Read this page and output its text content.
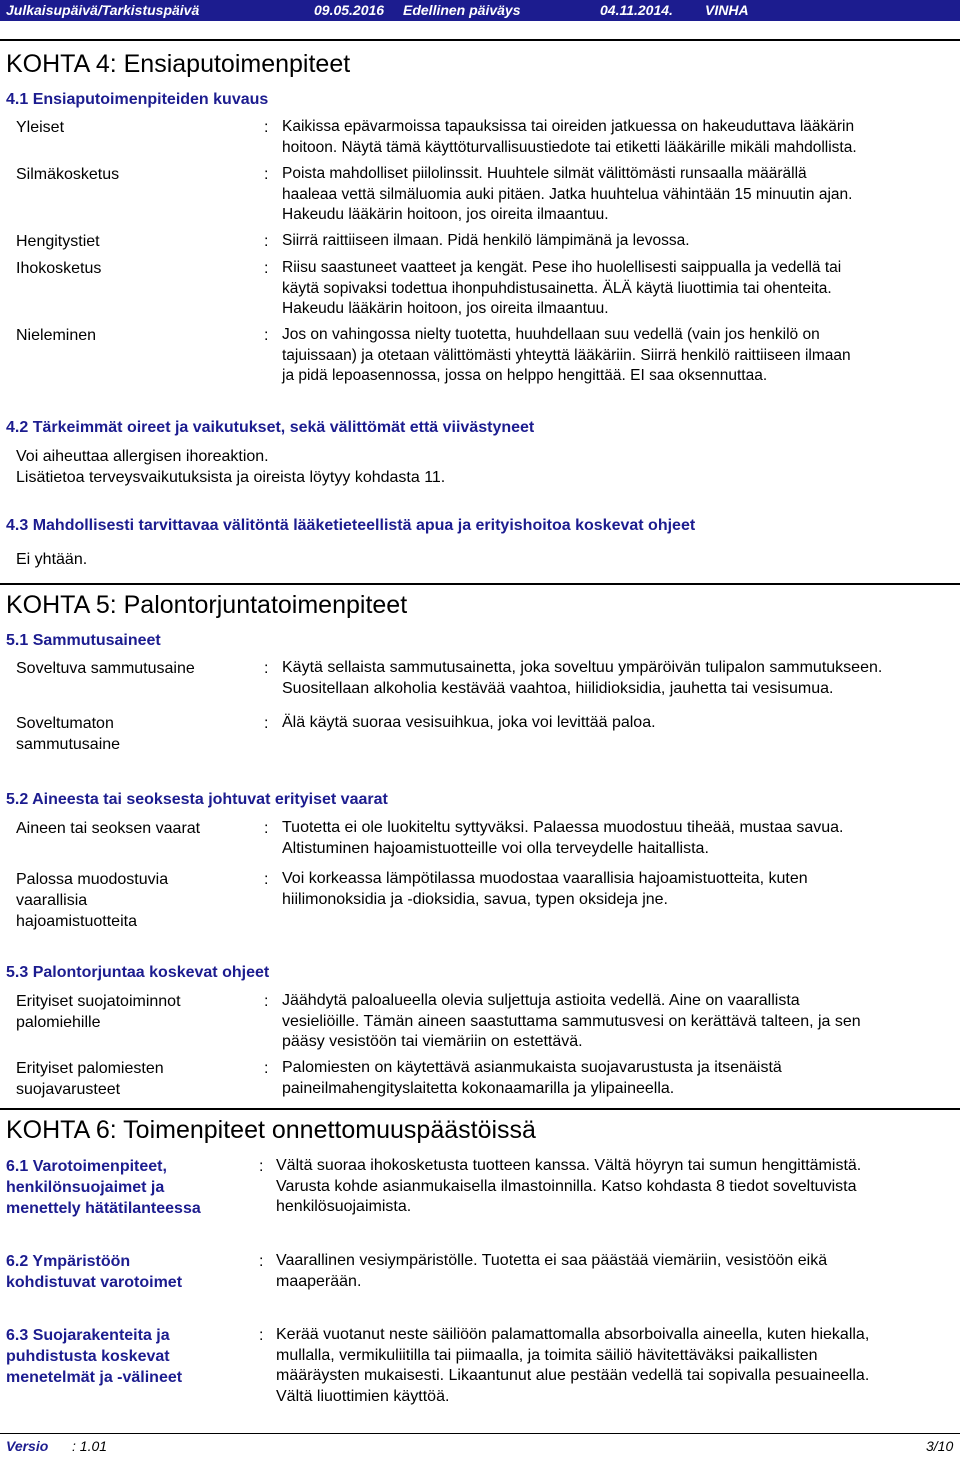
Julkaisupäivä/Tarkistuspäivä	09.05.2016 Edellinen päiväys	04.11.2014. VINHA
KOHTA 4: Ensiaputoimenpiteet
4.1 Ensiaputoimenpiteiden kuvaus
Yleiset	: Kaikissa epävarmoissa tapauksissa tai oireiden jatkuessa on hakeuduttava lääkärin
hoitoon. Näytä tämä käyttöturvallisuustiedote tai etiketti lääkärille mikäli mahdollista.
Silmäkosketus	: Poista mahdolliset piilolinssit. Huuhtele silmät välittömästi runsaalla määrällä
haaleaa vettä silmäluomia auki pitäen. Jatka huuhtelua vähintään 15 minuutin ajan.
Hakeudu lääkärin hoitoon, jos oireita ilmaantuu.
Hengitystiet	: Siirrä raittiiseen ilmaan. Pidä henkilö lämpimänä ja levossa.
Ihokosketus	: Riisu saastuneet vaatteet ja kengät. Pese iho huolellisesti saippualla ja vedellä tai
käytä sopivaksi todettua ihonpuhdistusainetta. ÄLÄ käytä liuottimia tai ohenteita.
Hakeudu lääkärin hoitoon, jos oireita ilmaantuu.
Nieleminen	: Jos on vahingossa nielty tuotetta, huuhdellaan suu vedellä (vain jos henkilö on
tajuissaan) ja otetaan välittömästi yhteyttä lääkäriin. Siirrä henkilö raittiiseen ilmaan
ja pidä lepoasennossa, jossa on helppo hengittää. EI saa oksennuttaa.
4.2 Tärkeimmät oireet ja vaikutukset, sekä välittömät että viivästyneet
Voi aiheuttaa allergisen ihoreaktion.
Lisätietoa terveysvaikutuksista ja oireista löytyy kohdasta 11.
4.3 Mahdollisesti tarvittavaa välitöntä lääketieteellistä apua ja erityishoitoa koskevat ohjeet
Ei yhtään.
KOHTA 5: Palontorjuntatoimenpiteet
5.1 Sammutusaineet
Soveltuva sammutusaine	: Käytä sellaista sammutusainetta, joka soveltuu ympäröivän tulipalon sammutukseen.
Suositellaan alkoholia kestävää vaahtoa, hiilidioksidia, jauhetta tai vesisumua.
Soveltumaton
sammutusaine
: Älä käytä suoraa vesisuihkua, joka voi levittää paloa.
5.2 Aineesta tai seoksesta johtuvat erityiset vaarat
Aineen tai seoksen vaarat	: Tuotetta ei ole luokiteltu syttyväksi. Palaessa muodostuu tiheää, mustaa savua.
Altistuminen hajoamistuotteille voi olla terveydelle haitallista.
Palossa muodostuvia
vaarallisia
hajoamistuotteita
: Voi korkeassa lämpötilassa muodostaa vaarallisia hajoamistuotteita, kuten
hiilimonoksidia ja -dioksidia, savua, typen oksideja jne.
5.3 Palontorjuntaa koskevat ohjeet
Erityiset suojatoiminnot
palomiehille
: Jäähdytä paloalueella olevia suljettuja astioita vedellä. Aine on vaarallista
vesieliöille. Tämän aineen saastuttama sammutusvesi on kerättävä talteen, ja sen
pääsy vesistöön tai viemäriin on estettävä.
Erityiset palomiesten
suojavarusteet
: Palomiesten on käytettävä asianmukaista suojavarustusta ja itsenäistä
paineilmahengityslaitetta kokonaamarilla ja ylipaineella.
KOHTA 6: Toimenpiteet onnettomuuspäästöissä
6.1 Varotoimenpiteet,
henkilönsuojaimet ja
menettely hätätilanteessa
: Vältä suoraa ihokosketusta tuotteen kanssa. Vältä höyryn tai sumun hengittämistä.
Varusta kohde asianmukaisella ilmastoinnilla. Katso kohdasta 8 tiedot soveltuvista
henkilösuojaimista.
6.2 Ympäristöön
kohdistuvat varotoimet
: Vaarallinen vesiympäristölle. Tuotetta ei saa päästää viemäriin, vesistöön eikä
maaperään.
6.3 Suojarakenteita ja
puhdistusta koskevat
menetelmät ja -välineet
: Kerää vuotanut neste säiliöön palamattomalla absorboivalla aineella, kuten hiekalla,
mullalla, vermikuliitilla tai piimaalla, ja toimita säiliö hävitettäväksi paikallisten
määräysten mukaisesti. Likaantunut alue pestään vedellä tai sopivalla pesuaineella.
Vältä liuottimien käyttöä.
Versio : 1.01	3/10
